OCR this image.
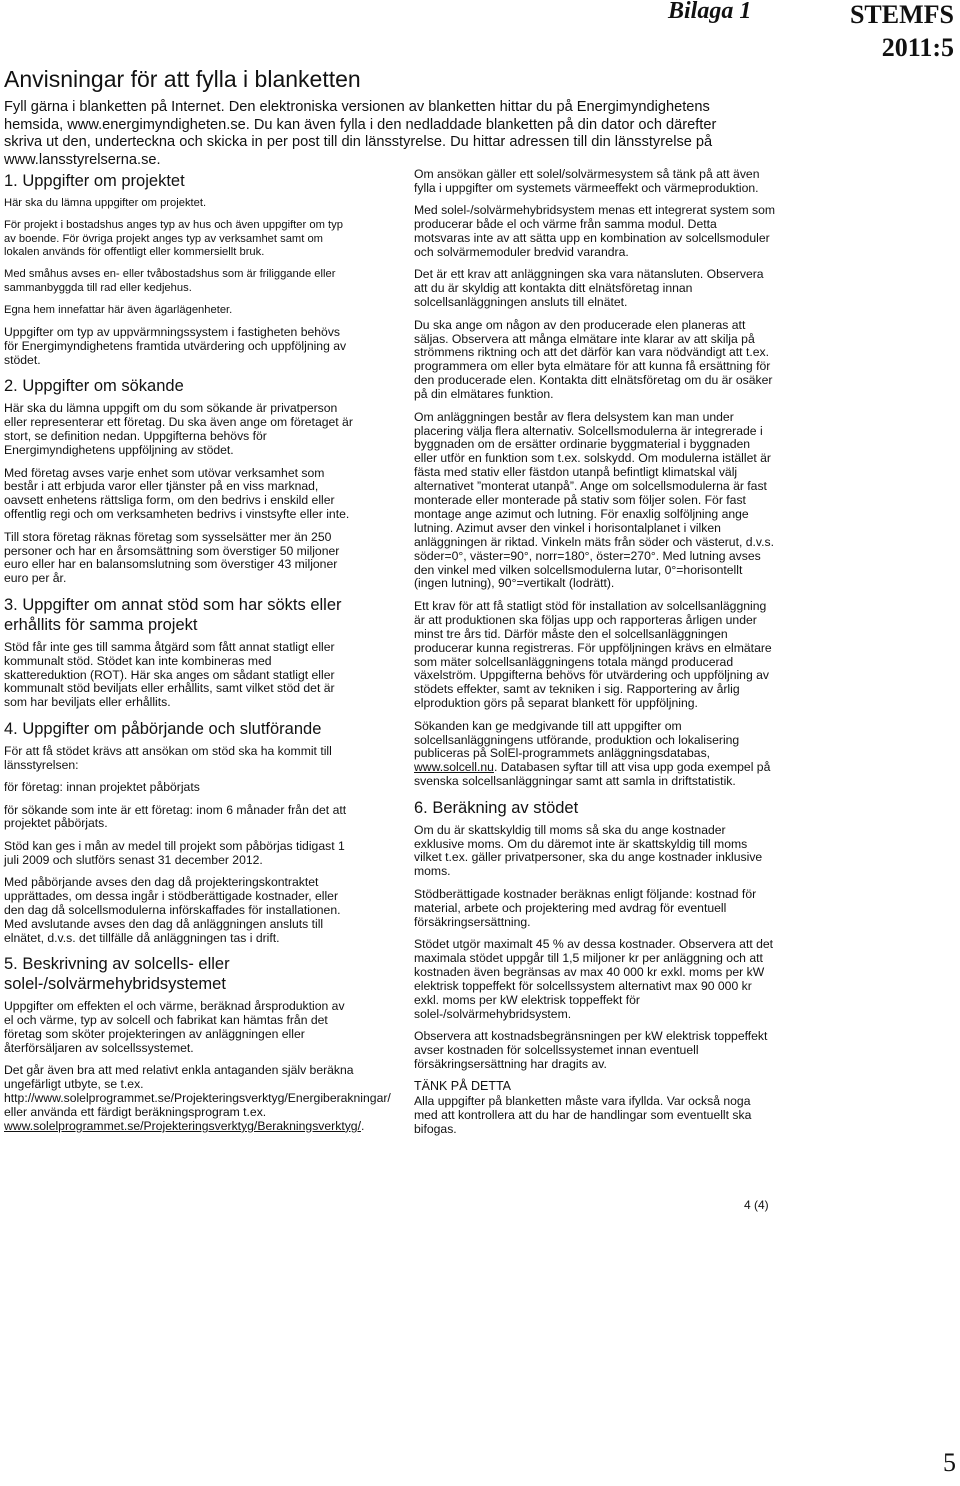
Bilaga 1	STEMFS
2011:5
Anvisningar för att fylla i blanketten

Fyll gärna i blanketten på Internet. Den elektroniska versionen av blanketten hittar du på Energimyndighetens hemsida, www.energimyndigheten.se. Du kan även fylla i den nedladdade blanketten på din dator och därefter skriva ut den, underteckna och skicka in per post till din länsstyrelse. Du hittar adressen till din länsstyrelse på www.lansstyrelserna.se.

1. Uppgifter om projektet

Här ska du lämna uppgifter om projektet.

För projekt i bostadshus anges typ av hus och även uppgifter om typ av boende. För övriga projekt anges typ av verksamhet samt om lokalen används för offentligt eller kommersiellt bruk.

Med småhus avses en- eller tvåbostadshus som är friliggande eller sammanbyggda till rad eller kedjehus.

Egna hem innefattar här även ägarlägenheter.

Uppgifter om typ av uppvärmningssystem i fastigheten behövs för Energimyndighetens framtida utvärdering och uppföljning av stödet.

2. Uppgifter om sökande

Här ska du lämna uppgift om du som sökande är privatperson eller representerar ett företag. Du ska även ange om företaget är stort, se definition nedan. Uppgifterna behövs för Energimyndighetens uppföljning av stödet.

Med företag avses varje enhet som utövar verksamhet som består i att erbjuda varor eller tjänster på en viss marknad, oavsett enhetens rättsliga form, om den bedrivs i enskild eller offentlig regi och om verksamheten bedrivs i vinstsyfte eller inte.

Till stora företag räknas företag som sysselsätter mer än 250 personer och har en årsomsättning som överstiger 50 miljoner euro eller har en balansomslutning som överstiger 43 miljoner euro per år.

3. Uppgifter om annat stöd som har sökts eller erhållits för samma projekt

Stöd får inte ges till samma åtgärd som fått annat statligt eller kommunalt stöd. Stödet kan inte kombineras med skattereduktion (ROT). Här ska anges om sådant statligt eller kommunalt stöd beviljats eller erhållits, samt vilket stöd det är som har beviljats eller erhållits.

4. Uppgifter om påbörjande och slutförande

För att få stödet krävs att ansökan om stöd ska ha kommit till länsstyrelsen:

för företag: innan projektet påbörjats

för sökande som inte är ett företag: inom 6 månader från det att projektet påbörjats.

Stöd kan ges i mån av medel till projekt som påbörjas tidigast 1 juli 2009 och slutförs senast 31 december 2012.

Med påbörjande avses den dag då projekteringskontraktet upprättades, om dessa ingår i stödberättigade kostnader, eller den dag då solcellsmodulerna införskaffades för installationen. Med avslutande avses den dag då anläggningen ansluts till elnätet, d.v.s. det tillfälle då anläggningen tas i drift.

5. Beskrivning av solcells- eller solel-/solvärmehybridsystemet

Uppgifter om effekten el och värme, beräknad årsproduktion av el och värme, typ av solcell och fabrikat kan hämtas från det företag som sköter projekteringen av anläggningen eller återförsäljaren av solcellssystemet.

Det går även bra att med relativt enkla antaganden själv beräkna ungefärligt utbyte, se t.ex.
http://www.solelprogrammet.se/Projekteringsverktyg/Energiberakningar/ eller använda ett färdigt beräkningsprogram t.ex.
www.solelprogrammet.se/Projekteringsverktyg/Berakningsverktyg/.

Om ansökan gäller ett solel/solvärmesystem så tänk på att även fylla i uppgifter om systemets värmeeffekt och värmeproduktion.

Med solel-/solvärmehybridsystem menas ett integrerat system som producerar både el och värme från samma modul. Detta motsvaras inte av att sätta upp en kombination av solcellsmoduler och solvärmemoduler bredvid varandra.

Det är ett krav att anläggningen ska vara nätansluten. Observera att du är skyldig att kontakta ditt elnätsföretag innan solcellsanläggningen ansluts till elnätet.

Du ska ange om någon av den producerade elen planeras att säljas. Observera att många elmätare inte klarar av att skilja på strömmens riktning och att det därför kan vara nödvändigt att t.ex. programmera om eller byta elmätare för att kunna få ersättning för den producerade elen. Kontakta ditt elnätsföretag om du är osäker på din elmätares funktion.

Om anläggningen består av flera delsystem kan man under placering välja flera alternativ. Solcellsmodulerna är integrerade i byggnaden om de ersätter ordinarie byggmaterial i byggnaden eller utför en funktion som t.ex. solskydd. Om modulerna istället är fästa med stativ eller fästdon utanpå befintligt klimatskal välj alternativet ”monterat utanpå”. Ange om solcellsmodulerna är fast monterade eller monterade på stativ som följer solen. För fast montage ange azimut och lutning. För enaxlig solföljning ange lutning. Azimut avser den vinkel i horisontalplanet i vilken anläggningen är riktad. Vinkeln mäts från söder och västerut, d.v.s. söder=0°, väster=90°, norr=180°, öster=270°. Med lutning avses den vinkel med vilken solcellsmodulerna lutar, 0°=horisontellt (ingen lutning), 90°=vertikalt (lodrätt).

Ett krav för att få statligt stöd för installation av solcellsanläggning är att produktionen ska följas upp och rapporteras årligen under minst tre års tid. Därför måste den el solcellsanläggningen producerar kunna registreras. För uppföljningen krävs en elmätare som mäter solcellsanläggningens totala mängd producerad växelström. Uppgifterna behövs för utvärdering och uppföljning av stödets effekter, samt av tekniken i sig. Rapportering av årlig elproduktion görs på separat blankett för uppföljning.

Sökanden kan ge medgivande till att uppgifter om solcellsanläggningens utförande, produktion och lokalisering publiceras på SolEl-programmets anläggningsdatabas, www.solcell.nu. Databasen syftar till att visa upp goda exempel på svenska solcellsanläggningar samt att samla in driftstatistik.

6. Beräkning av stödet

Om du är skattskyldig till moms så ska du ange kostnader exklusive moms. Om du däremot inte är skattskyldig till moms vilket t.ex. gäller privatpersoner, ska du ange kostnader inklusive moms.

Stödberättigade kostnader beräknas enligt följande: kostnad för material, arbete och projektering med avdrag för eventuell försäkringsersättning.

Stödet utgör maximalt 45 % av dessa kostnader. Observera att det maximala stödet uppgår till 1,5 miljoner kr per anläggning och att kostnaden även begränsas av max 40 000 kr exkl. moms per kW elektrisk toppeffekt för solcellssystem alternativt max 90 000 kr exkl. moms per kW elektrisk toppeffekt för solel-/solvärmehybridsystem.

Observera att kostnadsbegränsningen per kW elektrisk toppeffekt avser kostnaden för solcellssystemet innan eventuell försäkringsersättning har dragits av.

TÄNK PÅ DETTA

Alla uppgifter på blanketten måste vara ifyllda. Var också noga med att kontrollera att du har de handlingar som eventuellt ska bifogas.

4 (4)
5
